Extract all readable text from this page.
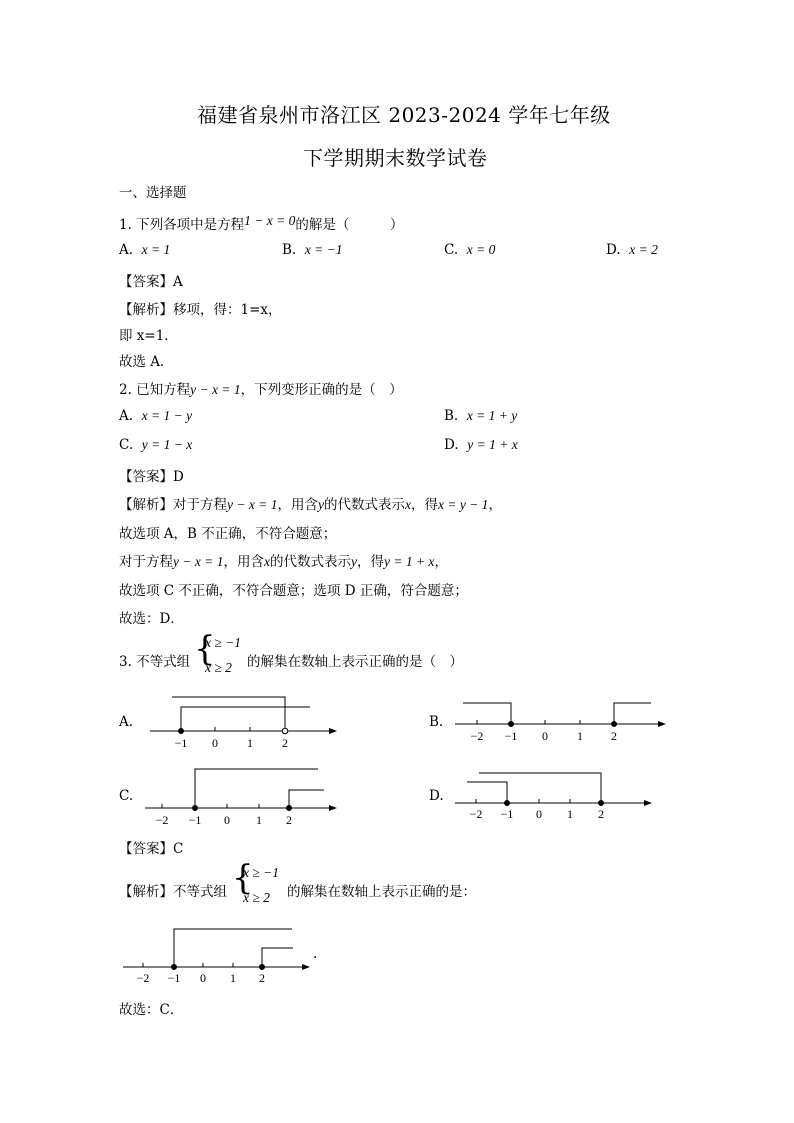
福建省泉州市洛江区 2023-2024 学年七年级
下学期期末数学试卷
一、选择题
1. 下列各项中是方程1 − x = 0的解是（　　　）
A. x = 1	B. x = −1	C. x = 0	D. x = 2
【答案】A
【解析】移项，得：1=x，
即 x=1．
故选 A．
2. 已知方程y − x = 1，下列变形正确的是（　）
A. x = 1 − y	B. x = 1 + y
C. y = 1 − x	D. y = 1 + x
【答案】D
【解析】对于方程y − x = 1，用含y的代数式表示x，得x = y − 1，
故选项 A，B 不正确，不符合题意；
对于方程y − x = 1，用含x的代数式表示y，得y = 1 + x，
故选项 C 不正确，不符合题意；选项 D 正确，符合题意；
故选：D．
3. 不等式组 {
x ≥ −1
x ≥ 2 的解集在数轴上表示正确的是（　）
−1 0 1 2	−2 −1 0 1 2
−2 −1 0 1 2	−2 −1 0 1 2
−2 −1 0 1 2
A.	B.
C.	D.
【答案】C
【解析】不等式组 {
x ≥ −1
x ≥ 2 的解集在数轴上表示正确的是：
.
故选：C．
